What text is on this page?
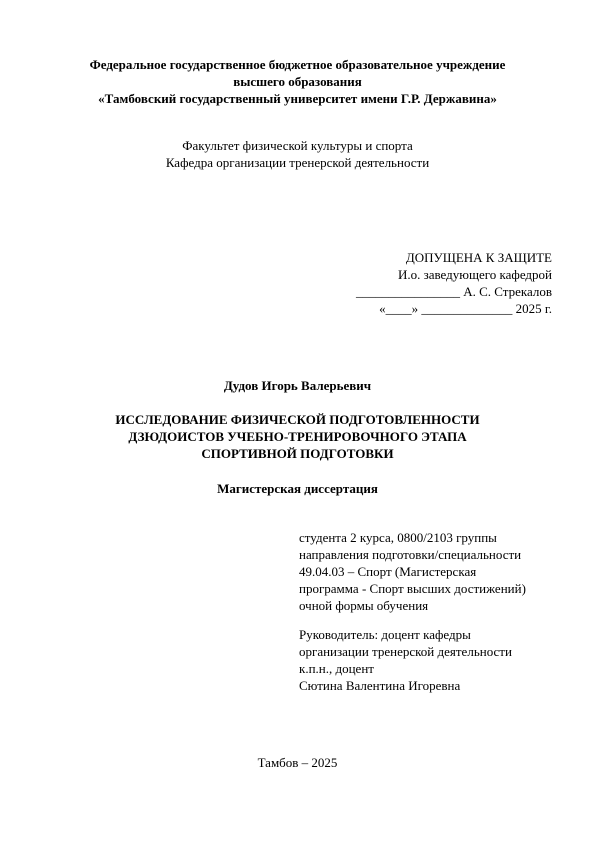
Федеральное государственное бюджетное образовательное учреждение
высшего образования
«Тамбовский государственный университет имени Г.Р. Державина»
Факультет физической культуры и спорта
Кафедра организации тренерской деятельности
ДОПУЩЕНА К ЗАЩИТЕ
И.о. заведующего кафедрой
________________ А. С. Стрекалов
«____» ______________ 2025 г.
Дудов Игорь Валерьевич
ИССЛЕДОВАНИЕ ФИЗИЧЕСКОЙ ПОДГОТОВЛЕННОСТИ
ДЗЮДОИСТОВ УЧЕБНО-ТРЕНИРОВОЧНОГО ЭТАПА
СПОРТИВНОЙ ПОДГОТОВКИ
Магистерская диссертация
студента 2 курса, 0800/2103 группы
направления подготовки/специальности
49.04.03 – Спорт (Магистерская
программа - Спорт высших достижений)
очной формы обучения
Руководитель: доцент кафедры
организации тренерской деятельности
к.п.н., доцент
Сютина Валентина Игоревна
Тамбов – 2025
